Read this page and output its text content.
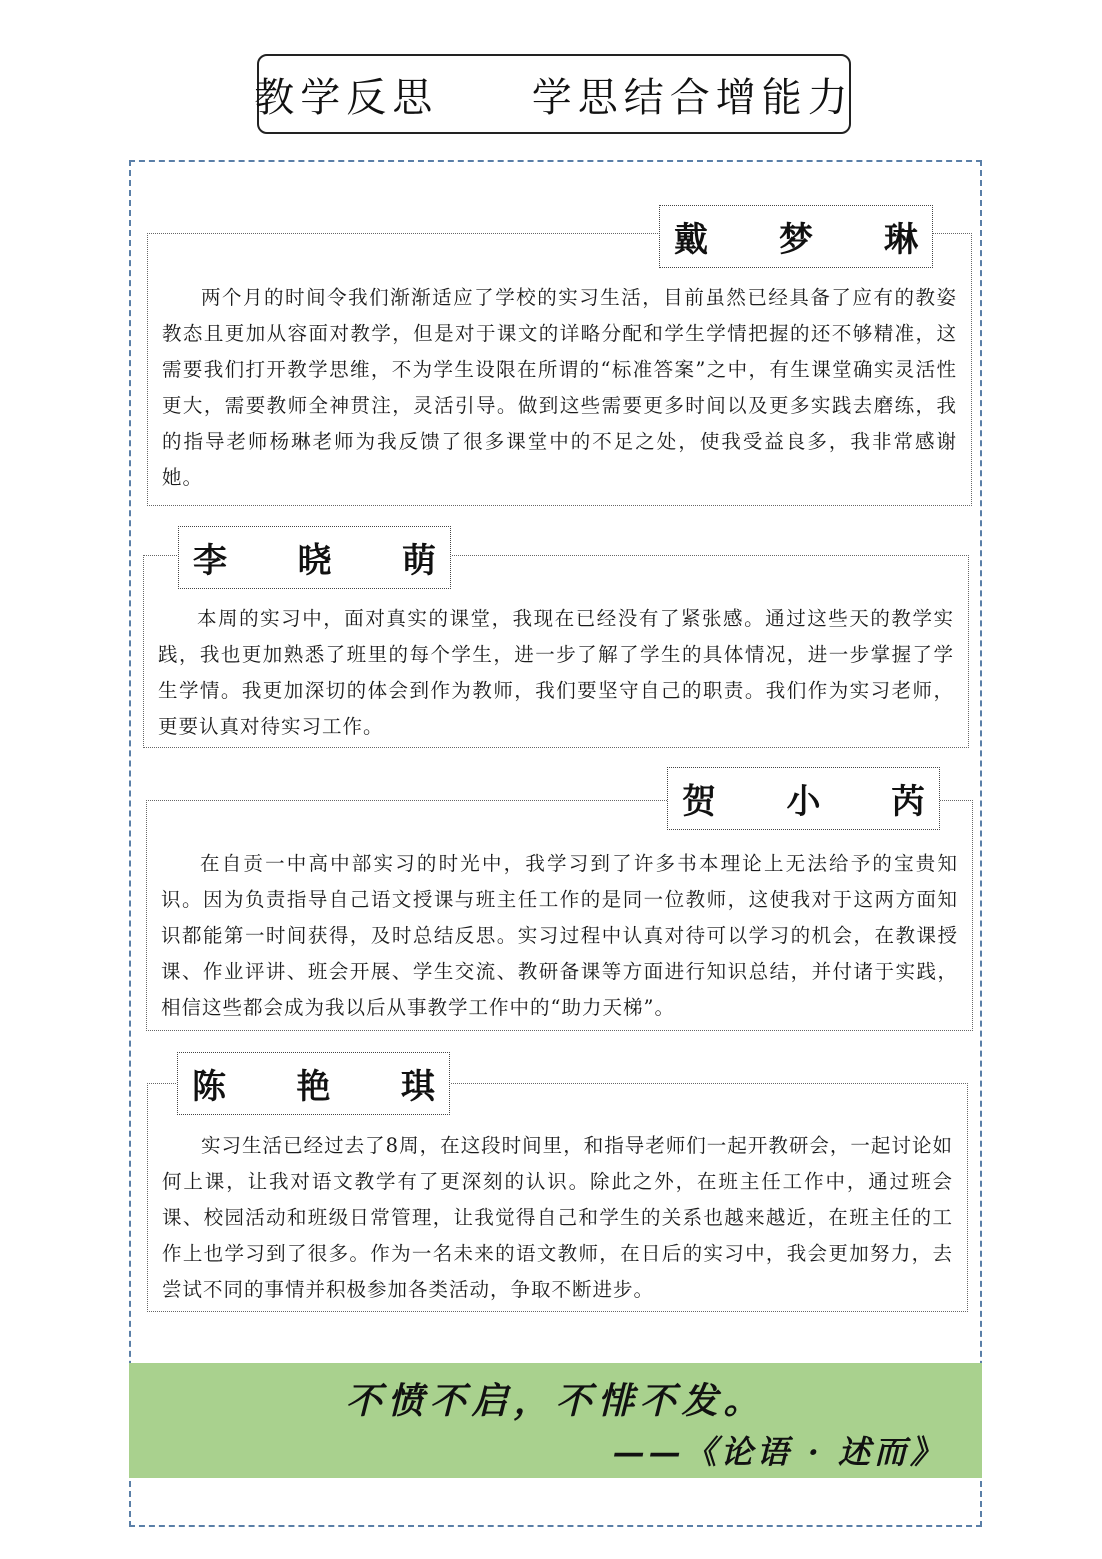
教学反思
学思结合增能力

两个月的时间令我们渐渐适应了学校的实习生活，目前虽然已经具备了应有的教姿教态且更加从容面对教学，但是对于课文的详略分配和学生学情把握的还不够精准，这需要我们打开教学思维，不为学生设限在所谓的“标准答案”之中，有生课堂确实灵活性更大，需要教师全神贯注，灵活引导。做到这些需要更多时间以及更多实践去磨练，我的指导老师杨琳老师为我反馈了很多课堂中的不足之处，使我受益良多，我非常感谢她。

戴 梦 琳

本周的实习中，面对真实的课堂，我现在已经没有了紧张感。通过这些天的教学实践，我也更加熟悉了班里的每个学生，进一步了解了学生的具体情况，进一步掌握了学生学情。我更加深切的体会到作为教师，我们要坚守自己的职责。我们作为实习老师，更要认真对待实习工作。

李 晓 萌

在自贡一中高中部实习的时光中，我学习到了许多书本理论上无法给予的宝贵知识。因为负责指导自己语文授课与班主任工作的是同一位教师，这使我对于这两方面知识都能第一时间获得，及时总结反思。实习过程中认真对待可以学习的机会，在教课授课、作业评讲、班会开展、学生交流、教研备课等方面进行知识总结，并付诸于实践，相信这些都会成为我以后从事教学工作中的“助力天梯”。

贺 小 芮

实习生活已经过去了8周，在这段时间里，和指导老师们一起开教研会，一起讨论如何上课，让我对语文教学有了更深刻的认识。除此之外，在班主任工作中，通过班会课、校园活动和班级日常管理，让我觉得自己和学生的关系也越来越近，在班主任的工作上也学习到了很多。作为一名未来的语文教师，在日后的实习中，我会更加努力，去尝试不同的事情并积极参加各类活动，争取不断进步。

陈 艳 琪
不愤不启，不悱不发。
——《论语 · 述而》
